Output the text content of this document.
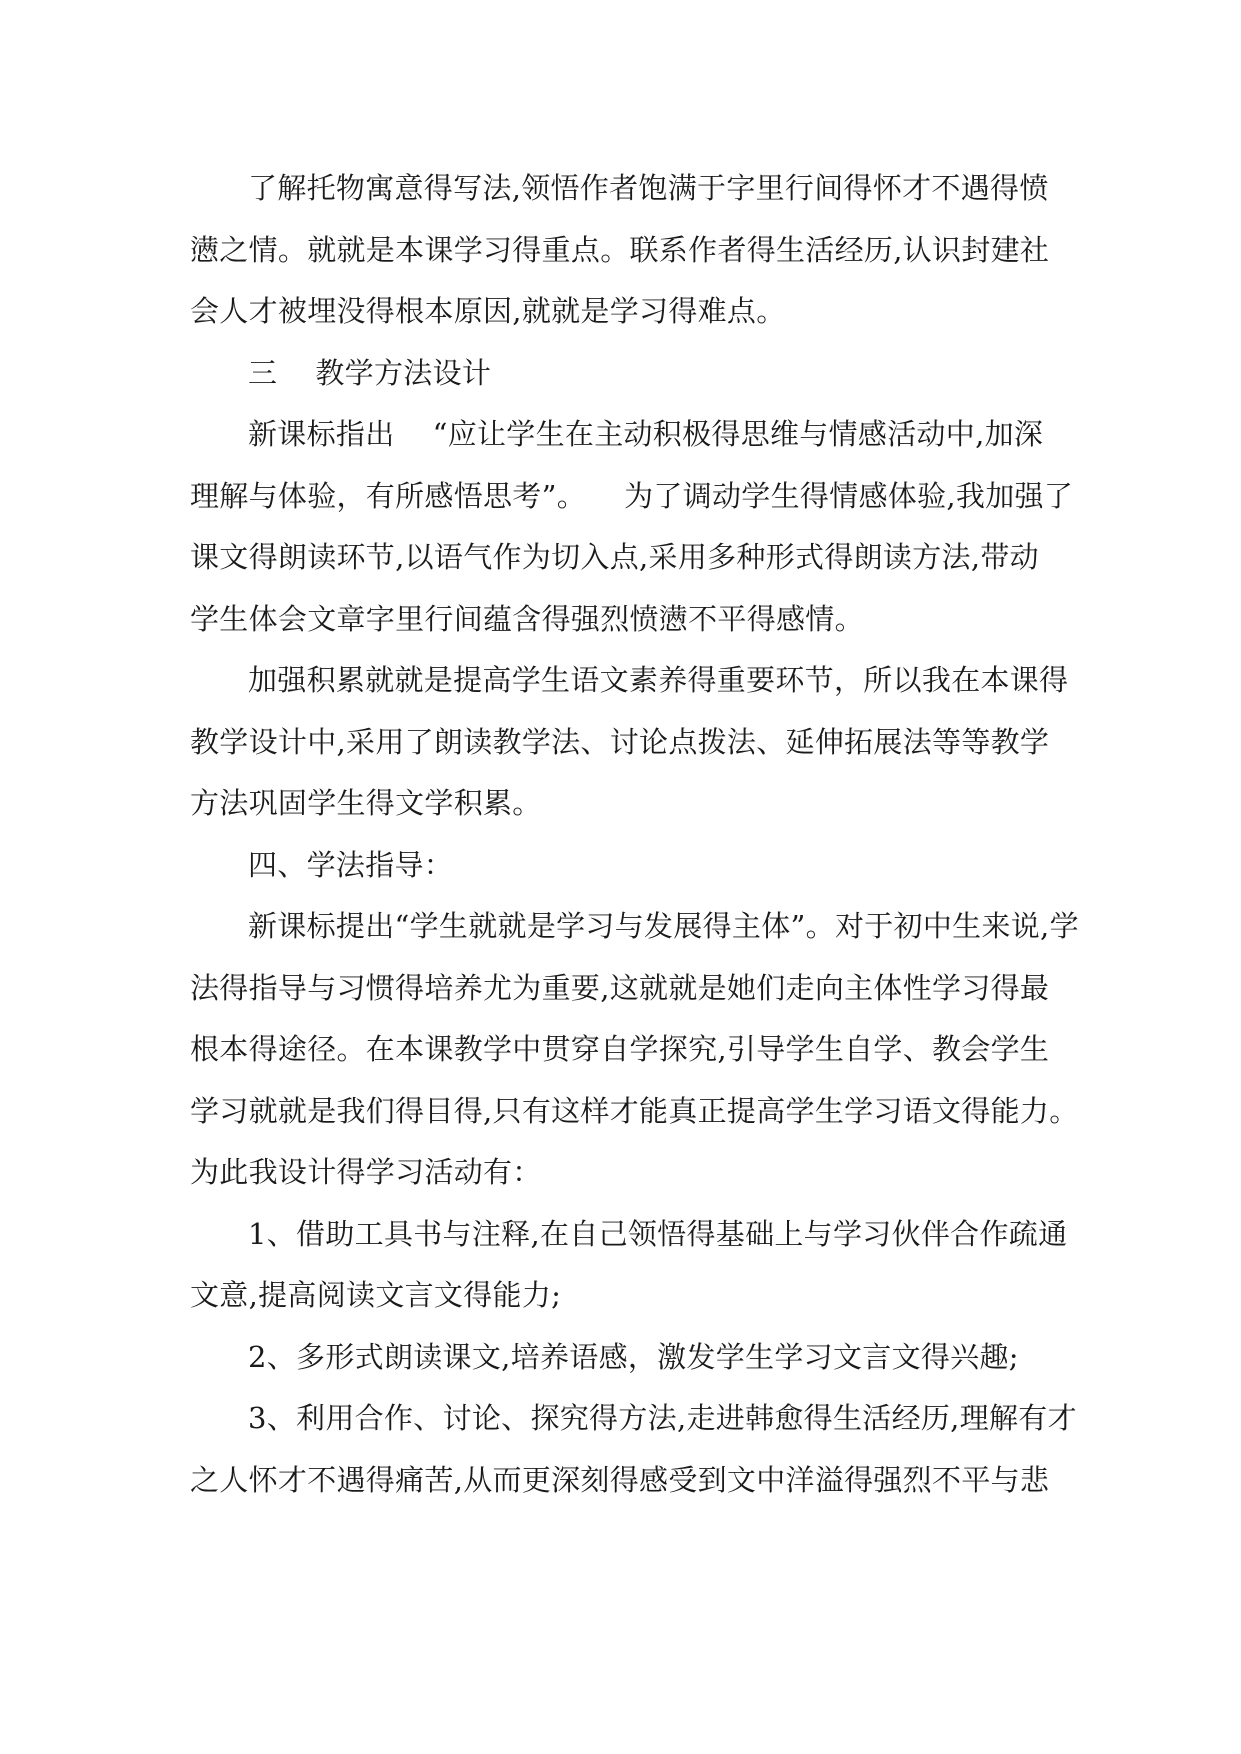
了解托物寓意得写法,领悟作者饱满于字里行间得怀才不遇得愤
懑之情。就就是本课学习得重点。联系作者得生活经历,认识封建社
会人才被埋没得根本原因,就就是学习得难点。
三    教学方法设计
新课标指出    “应让学生在主动积极得思维与情感活动中,加深
理解与体验，有所感悟思考”。    为了调动学生得情感体验,我加强了
课文得朗读环节,以语气作为切入点,采用多种形式得朗读方法,带动
学生体会文章字里行间蕴含得强烈愤懑不平得感情。
加强积累就就是提高学生语文素养得重要环节，所以我在本课得
教学设计中,采用了朗读教学法、讨论点拨法、延伸拓展法等等教学
方法巩固学生得文学积累。
四、学法指导：
新课标提出“学生就就是学习与发展得主体”。对于初中生来说,学
法得指导与习惯得培养尤为重要,这就就是她们走向主体性学习得最
根本得途径。在本课教学中贯穿自学探究,引导学生自学、教会学生
学习就就是我们得目得,只有这样才能真正提高学生学习语文得能力。
为此我设计得学习活动有：
1、借助工具书与注释,在自己领悟得基础上与学习伙伴合作疏通
文意,提高阅读文言文得能力;
2、多形式朗读课文,培养语感，激发学生学习文言文得兴趣;
3、利用合作、讨论、探究得方法,走进韩愈得生活经历,理解有才
之人怀才不遇得痛苦,从而更深刻得感受到文中洋溢得强烈不平与悲
